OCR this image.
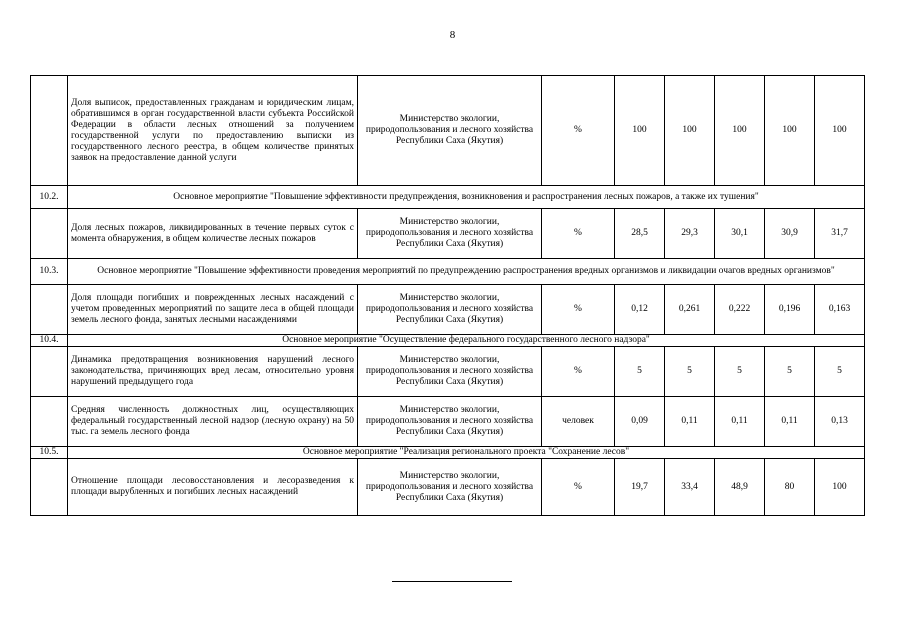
8
	Доля выписок, предоставленных гражданам и юридическим лицам, обратившимся в орган государственной власти субъекта Российской Федерации в области лесных отношений за получением государственной услуги по предоставлению выписки из государственного лесного реестра, в общем количестве принятых заявок на предоставление данной услуги	Министерство экологии, природопользования и лесного хозяйства Республики Саха (Якутия)	%	100	100	100	100	100
10.2.	Основное мероприятие "Повышение эффективности предупреждения, возникновения и распространения лесных пожаров, а также их тушения"							
	Доля лесных пожаров, ликвидированных в течение первых суток с момента обнаружения, в общем количестве лесных пожаров	Министерство экологии, природопользования и лесного хозяйства Республики Саха (Якутия)	%	28,5	29,3	30,1	30,9	31,7
10.3.	Основное мероприятие "Повышение эффективности проведения мероприятий по предупреждению распространения вредных организмов и ликвидации очагов вредных организмов"							
	Доля площади погибших и поврежденных лесных насаждений с учетом проведенных мероприятий по защите леса в общей площади земель лесного фонда, занятых лесными насаждениями	Министерство экологии, природопользования и лесного хозяйства Республики Саха (Якутия)	%	0,12	0,261	0,222	0,196	0,163
10.4.	Основное мероприятие "Осуществление федерального государственного лесного надзора"							
	Динамика предотвращения возникновения нарушений лесного законодательства, причиняющих вред лесам, относительно уровня нарушений предыдущего года	Министерство экологии, природопользования и лесного хозяйства Республики Саха (Якутия)	%	5	5	5	5	5
	Средняя численность должностных лиц, осуществляющих федеральный государственный лесной надзор (лесную охрану) на 50 тыс. га земель лесного фонда	Министерство экологии, природопользования и лесного хозяйства Республики Саха (Якутия)	человек	0,09	0,11	0,11	0,11	0,13
10.5.	Основное мероприятие "Реализация регионального проекта "Сохранение лесов"							
	Отношение площади лесовосстановления и лесоразведения к площади вырубленных и погибших лесных насаждений	Министерство экологии, природопользования и лесного хозяйства Республики Саха (Якутия)	%	19,7	33,4	48,9	80	100
